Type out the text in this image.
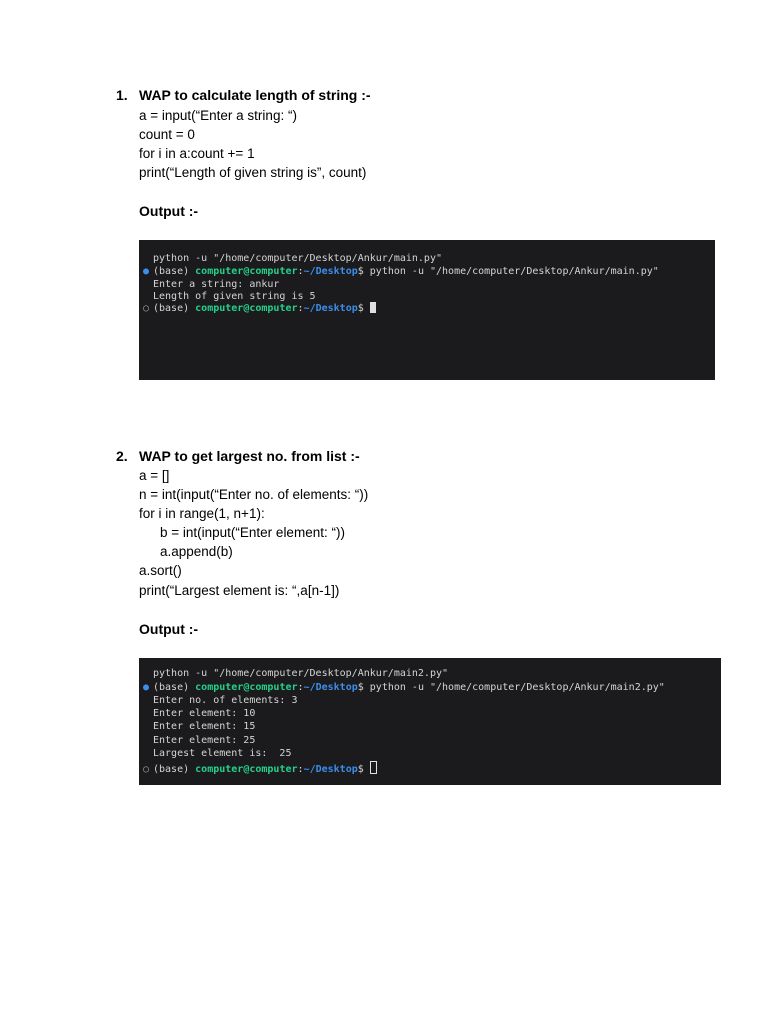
1. WAP to calculate length of string :-
a = input(“Enter a string: “)
count = 0
for i in a:count += 1
print(“Length of given string is”, count)
Output :-
python -u "/home/computer/Desktop/Ankur/main.py"
● (base) computer@computer:~/Desktop$ python -u "/home/computer/Desktop/Ankur/main.py"
Enter a string: ankur
Length of given string is 5
○ (base) computer@computer:~/Desktop$
2. WAP to get largest no. from list :-
a = []
n = int(input(“Enter no. of elements: “))
for i in range(1, n+1):
b = int(input(“Enter element: “))
a.append(b)
a.sort()
print(“Largest element is: “,a[n-1])
Output :-
python -u "/home/computer/Desktop/Ankur/main2.py"
● (base) computer@computer:~/Desktop$ python -u "/home/computer/Desktop/Ankur/main2.py"
Enter no. of elements: 3
Enter element: 10
Enter element: 15
Enter element: 25
Largest element is:  25
○ (base) computer@computer:~/Desktop$
